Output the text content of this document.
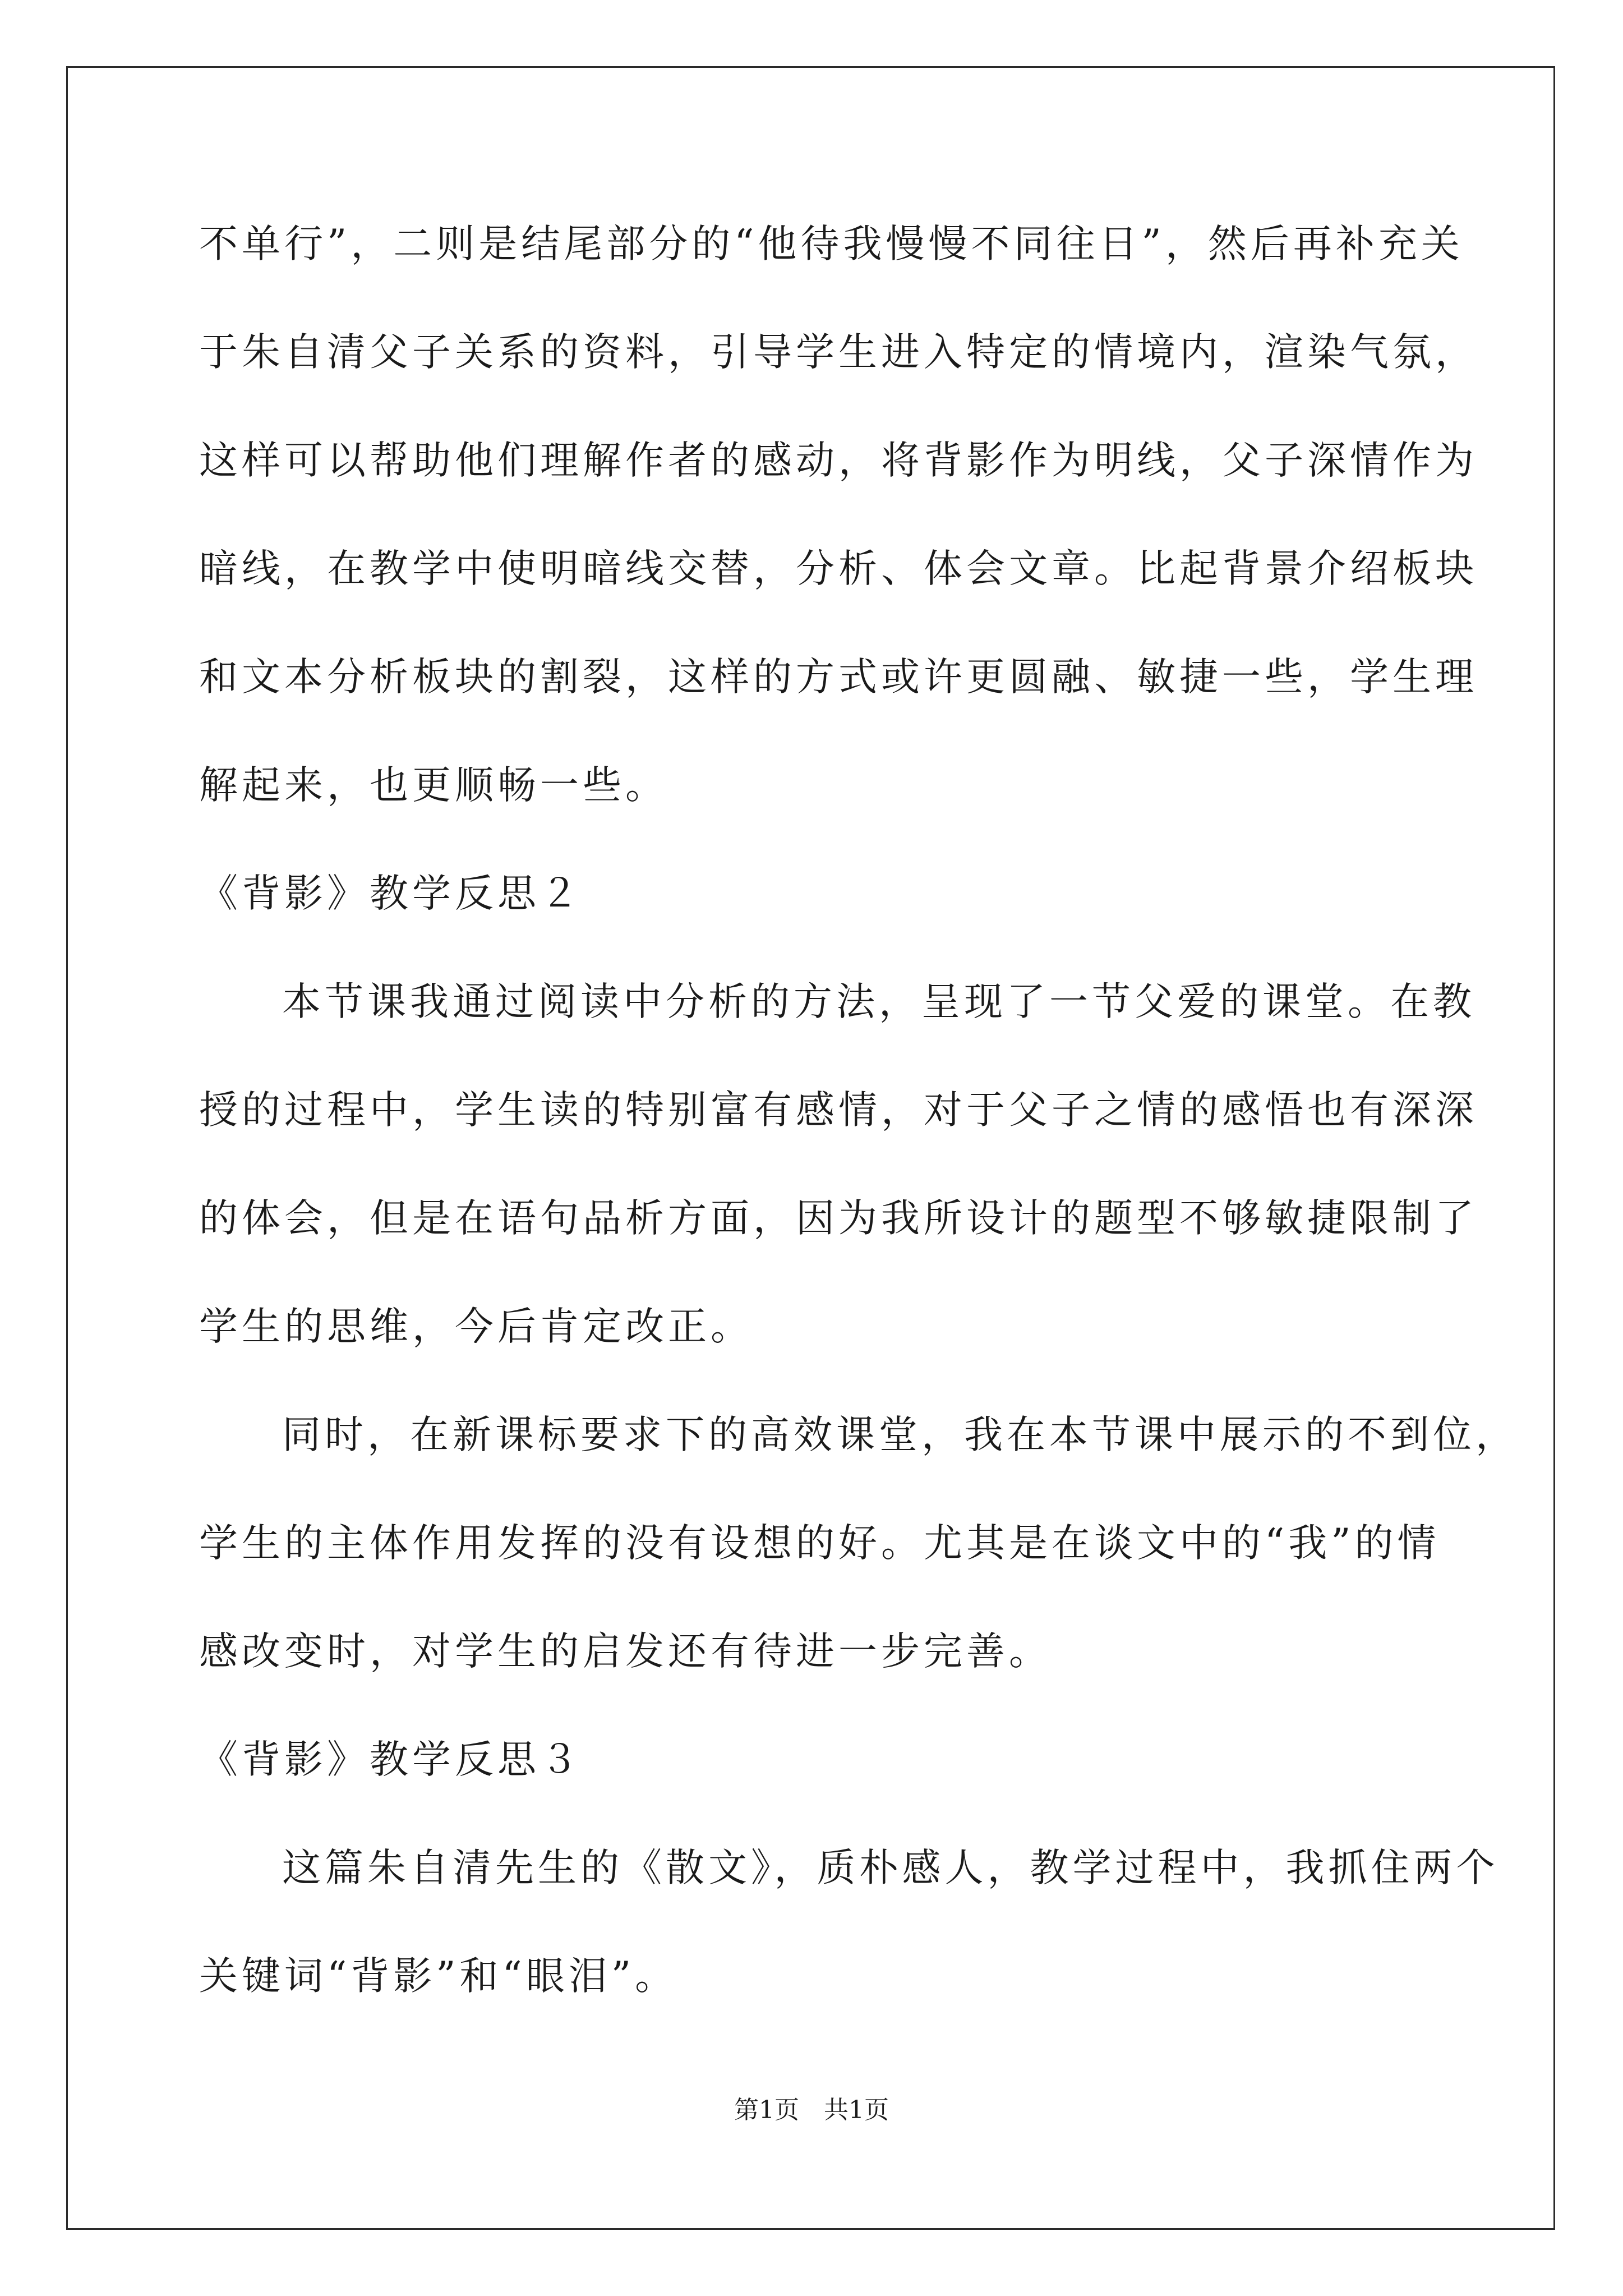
不单行”，二则是结尾部分的“他待我慢慢不同往日”，然后再补充关
于朱自清父子关系的资料，引导学生进入特定的情境内，渲染气氛，
这样可以帮助他们理解作者的感动，将背影作为明线，父子深情作为
暗线，在教学中使明暗线交替，分析、体会文章。比起背景介绍板块
和文本分析板块的割裂，这样的方式或许更圆融、敏捷一些，学生理
解起来，也更顺畅一些。
《背影》教学反思２
本节课我通过阅读中分析的方法，呈现了一节父爱的课堂。在教
授的过程中，学生读的特别富有感情，对于父子之情的感悟也有深深
的体会，但是在语句品析方面，因为我所设计的题型不够敏捷限制了
学生的思维，今后肯定改正。
同时，在新课标要求下的高效课堂，我在本节课中展示的不到位，
学生的主体作用发挥的没有设想的好。尤其是在谈文中的“我”的情
感改变时，对学生的启发还有待进一步完善。
《背影》教学反思３
这篇朱自清先生的《散文》，质朴感人，教学过程中，我抓住两个
关键词“背影”和“眼泪”。
第1页　共1页
